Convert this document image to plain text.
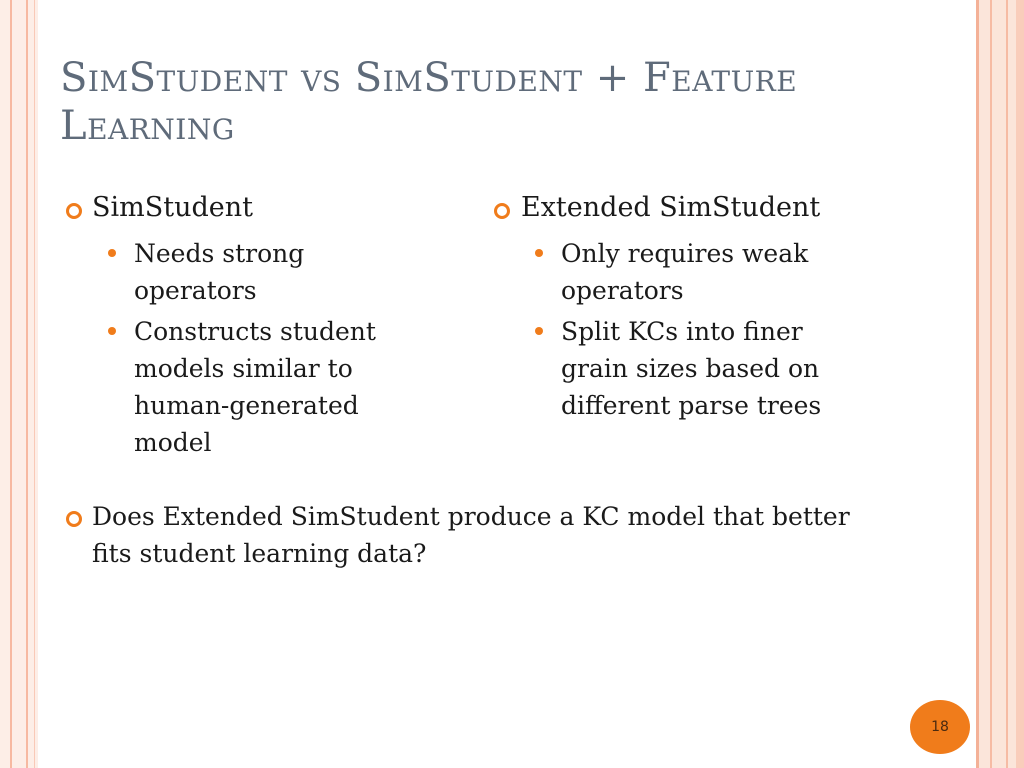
SimStudent vs SimStudent + Feature Learning
SimStudent
Needs strong operators
Constructs student models similar to human-generated model
Extended SimStudent
Only requires weak operators
Split KCs into finer grain sizes based on different parse trees
Does Extended SimStudent produce a KC model that better fits student learning data?
18
